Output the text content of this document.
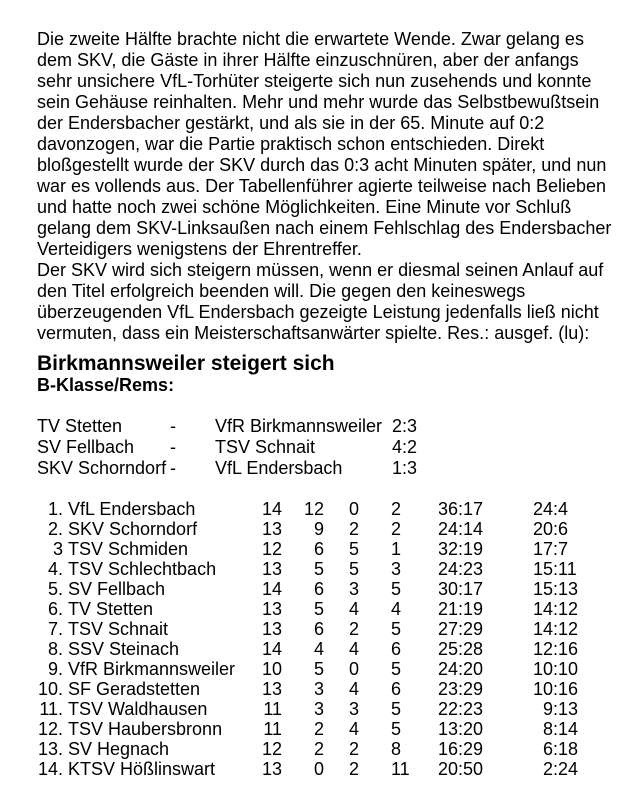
Die zweite Hälfte brachte nicht die erwartete Wende. Zwar gelang es
dem SKV, die Gäste in ihrer Hälfte einzuschnüren, aber der anfangs
sehr unsichere VfL-Torhüter steigerte sich nun zusehends und konnte
sein Gehäuse reinhalten. Mehr und mehr wurde das Selbstbewußtsein
der Endersbacher gestärkt, und als sie in der 65. Minute auf 0:2
davonzogen, war die Partie praktisch schon entschieden. Direkt
bloßgestellt wurde der SKV durch das 0:3 acht Minuten später, und nun
war es vollends aus. Der Tabellenführer agierte teilweise nach Belieben
und hatte noch zwei schöne Möglichkeiten. Eine Minute vor Schluß
gelang dem SKV-Linksaußen nach einem Fehlschlag des Endersbacher
Verteidigers wenigstens der Ehrentreffer.
Der SKV wird sich steigern müssen, wenn er diesmal seinen Anlauf auf
den Titel erfolgreich beenden will. Die gegen den keineswegs
überzeugenden VfL Endersbach gezeigte Leistung jedenfalls ließ nicht
vermuten, dass ein Meisterschaftsanwärter spielte. Res.: ausgef. (lu):
Birkmannsweiler steigert sich
B-Klasse/Rems:
TV Stetten	- VfR Birkmannsweiler 2:3
SV Fellbach - TSV Schnait	4:2
SKV Schorndorf - VfL Endersbach	1:3
1. VfL Endersbach	14	12	0	2	36:17	24:4
2. SKV Schorndorf	13	9	2	2	24:14	20:6
3 TSV Schmiden	12	6	5	1	32:19	17:7
4. TSV Schlechtbach	13	5	5	3	24:23	15:11
5. SV Fellbach	14	6	3	5	30:17	15:13
6. TV Stetten	13	5	4	4	21:19	14:12
7. TSV Schnait	13	6	2	5	27:29	14:12
8. SSV Steinach	14	4	4	6	25:28	12:16
9. VfR Birkmannsweiler	10	5	0	5	24:20	10:10
10. SF Geradstetten	13	3	4	6	23:29	10:16
11. TSV Waldhausen	11	3	3	5	22:23	9:13
12. TSV Haubersbronn	11	2	4	5	13:20	8:14
13. SV Hegnach	12	2	2	8	16:29	6:18
14. KTSV Hößlinswart	13	0	2	11	20:50	2:24
